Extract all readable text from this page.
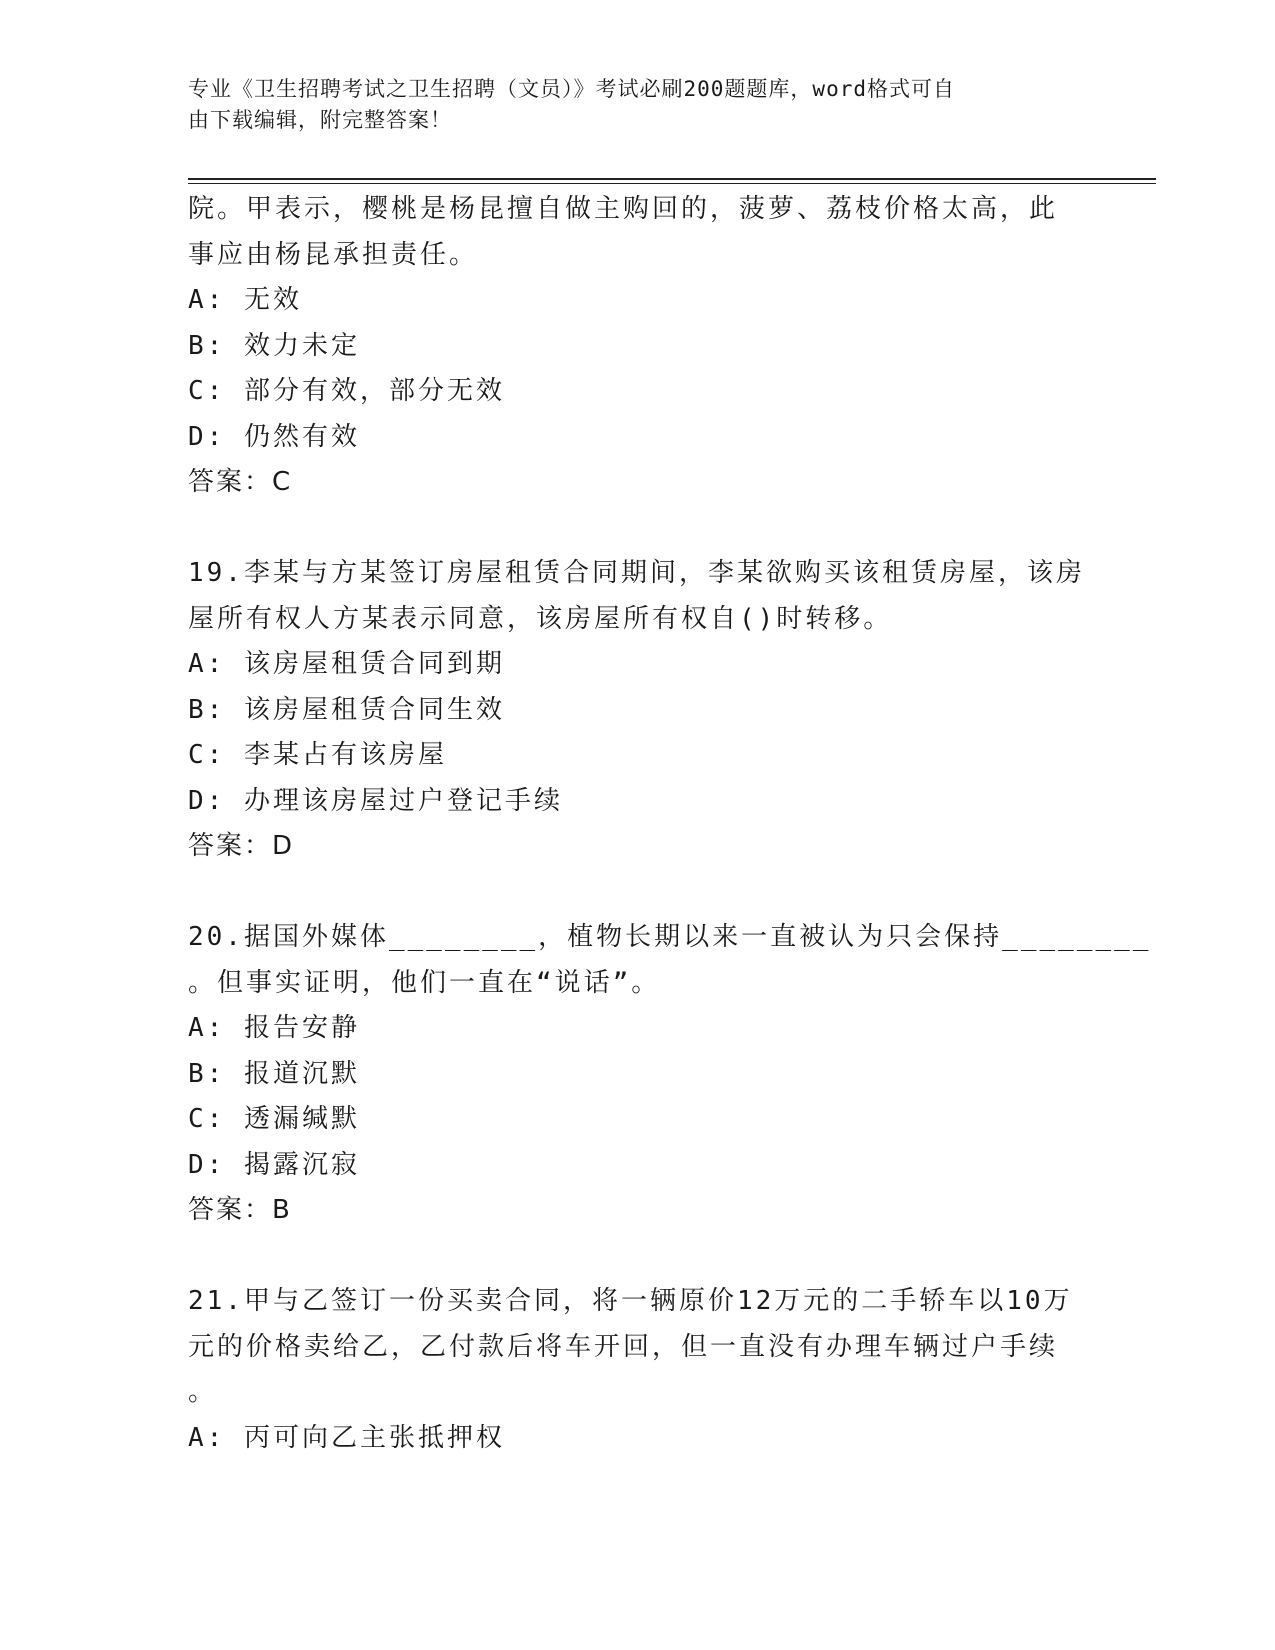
专业《卫生招聘考试之卫生招聘（文员）》考试必刷200题题库，word格式可自
由下载编辑，附完整答案！
院。甲表示，樱桃是杨昆擅自做主购回的，菠萝、荔枝价格太高，此
事应由杨昆承担责任。
A: 无效
B: 效力未定
C: 部分有效，部分无效
D: 仍然有效
答案：C
19.李某与方某签订房屋租赁合同期间，李某欲购买该租赁房屋，该房
屋所有权人方某表示同意，该房屋所有权自()时转移。
A: 该房屋租赁合同到期
B: 该房屋租赁合同生效
C: 李某占有该房屋
D: 办理该房屋过户登记手续
答案：D
20.据国外媒体________，植物长期以来一直被认为只会保持________
。但事实证明，他们一直在“说话”。
A: 报告安静
B: 报道沉默
C: 透漏缄默
D: 揭露沉寂
答案：B
21.甲与乙签订一份买卖合同，将一辆原价12万元的二手轿车以10万
元的价格卖给乙，乙付款后将车开回，但一直没有办理车辆过户手续
。
A: 丙可向乙主张抵押权
